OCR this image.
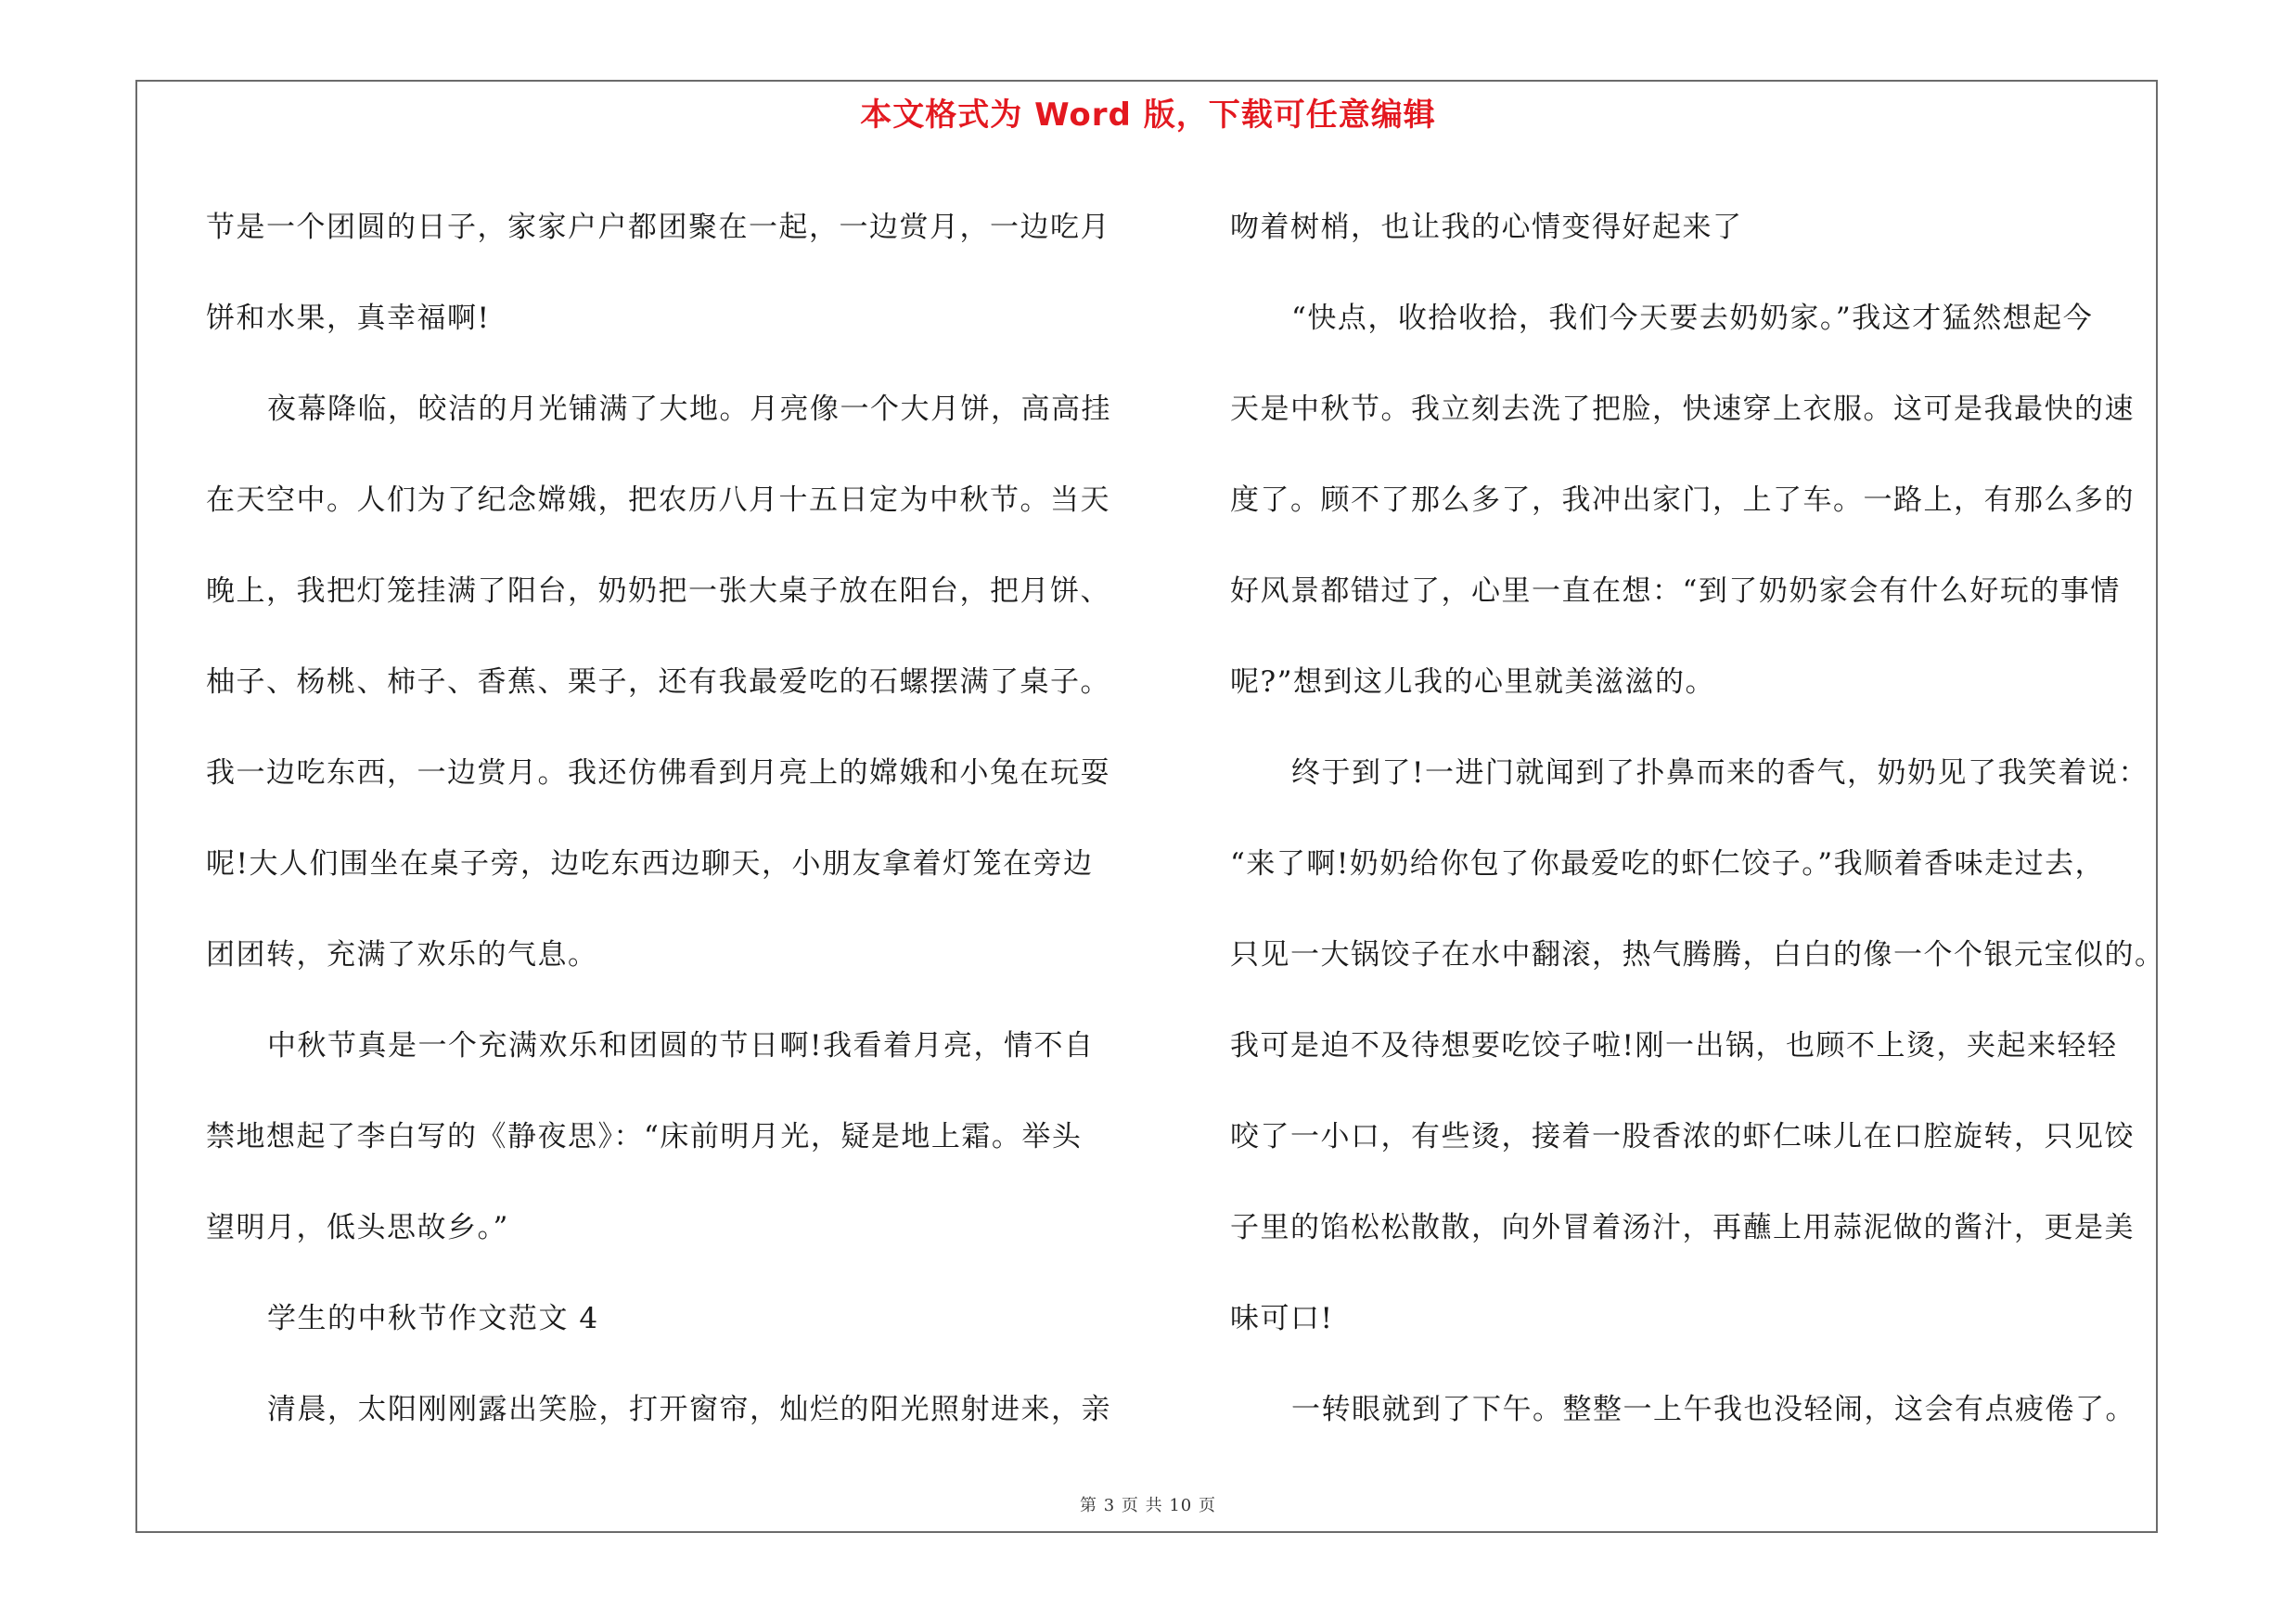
本文格式为 Word 版，下载可任意编辑
节是一个团圆的日子，家家户户都团聚在一起，一边赏月，一边吃月
饼和水果，真幸福啊!
夜幕降临，皎洁的月光铺满了大地。月亮像一个大月饼，高高挂
在天空中。人们为了纪念嫦娥，把农历八月十五日定为中秋节。当天
晚上，我把灯笼挂满了阳台，奶奶把一张大桌子放在阳台，把月饼、
柚子、杨桃、柿子、香蕉、栗子，还有我最爱吃的石螺摆满了桌子。
我一边吃东西，一边赏月。我还仿佛看到月亮上的嫦娥和小兔在玩耍
呢!大人们围坐在桌子旁，边吃东西边聊天，小朋友拿着灯笼在旁边
团团转，充满了欢乐的气息。
中秋节真是一个充满欢乐和团圆的节日啊!我看着月亮，情不自
禁地想起了李白写的《静夜思》：“床前明月光，疑是地上霜。举头
望明月，低头思故乡。”
学生的中秋节作文范文 4
清晨，太阳刚刚露出笑脸，打开窗帘，灿烂的阳光照射进来，亲
吻着树梢，也让我的心情变得好起来了
“快点，收拾收拾，我们今天要去奶奶家。”我这才猛然想起今
天是中秋节。我立刻去洗了把脸，快速穿上衣服。这可是我最快的速
度了。顾不了那么多了，我冲出家门，上了车。一路上，有那么多的
好风景都错过了，心里一直在想：“到了奶奶家会有什么好玩的事情
呢?”想到这儿我的心里就美滋滋的。
终于到了!一进门就闻到了扑鼻而来的香气，奶奶见了我笑着说：
“来了啊!奶奶给你包了你最爱吃的虾仁饺子。”我顺着香味走过去，
只见一大锅饺子在水中翻滚，热气腾腾，白白的像一个个银元宝似的。
我可是迫不及待想要吃饺子啦!刚一出锅，也顾不上烫，夹起来轻轻
咬了一小口，有些烫，接着一股香浓的虾仁味儿在口腔旋转，只见饺
子里的馅松松散散，向外冒着汤汁，再蘸上用蒜泥做的酱汁，更是美
味可口!
一转眼就到了下午。整整一上午我也没轻闹，这会有点疲倦了。
第 3 页 共 10 页
